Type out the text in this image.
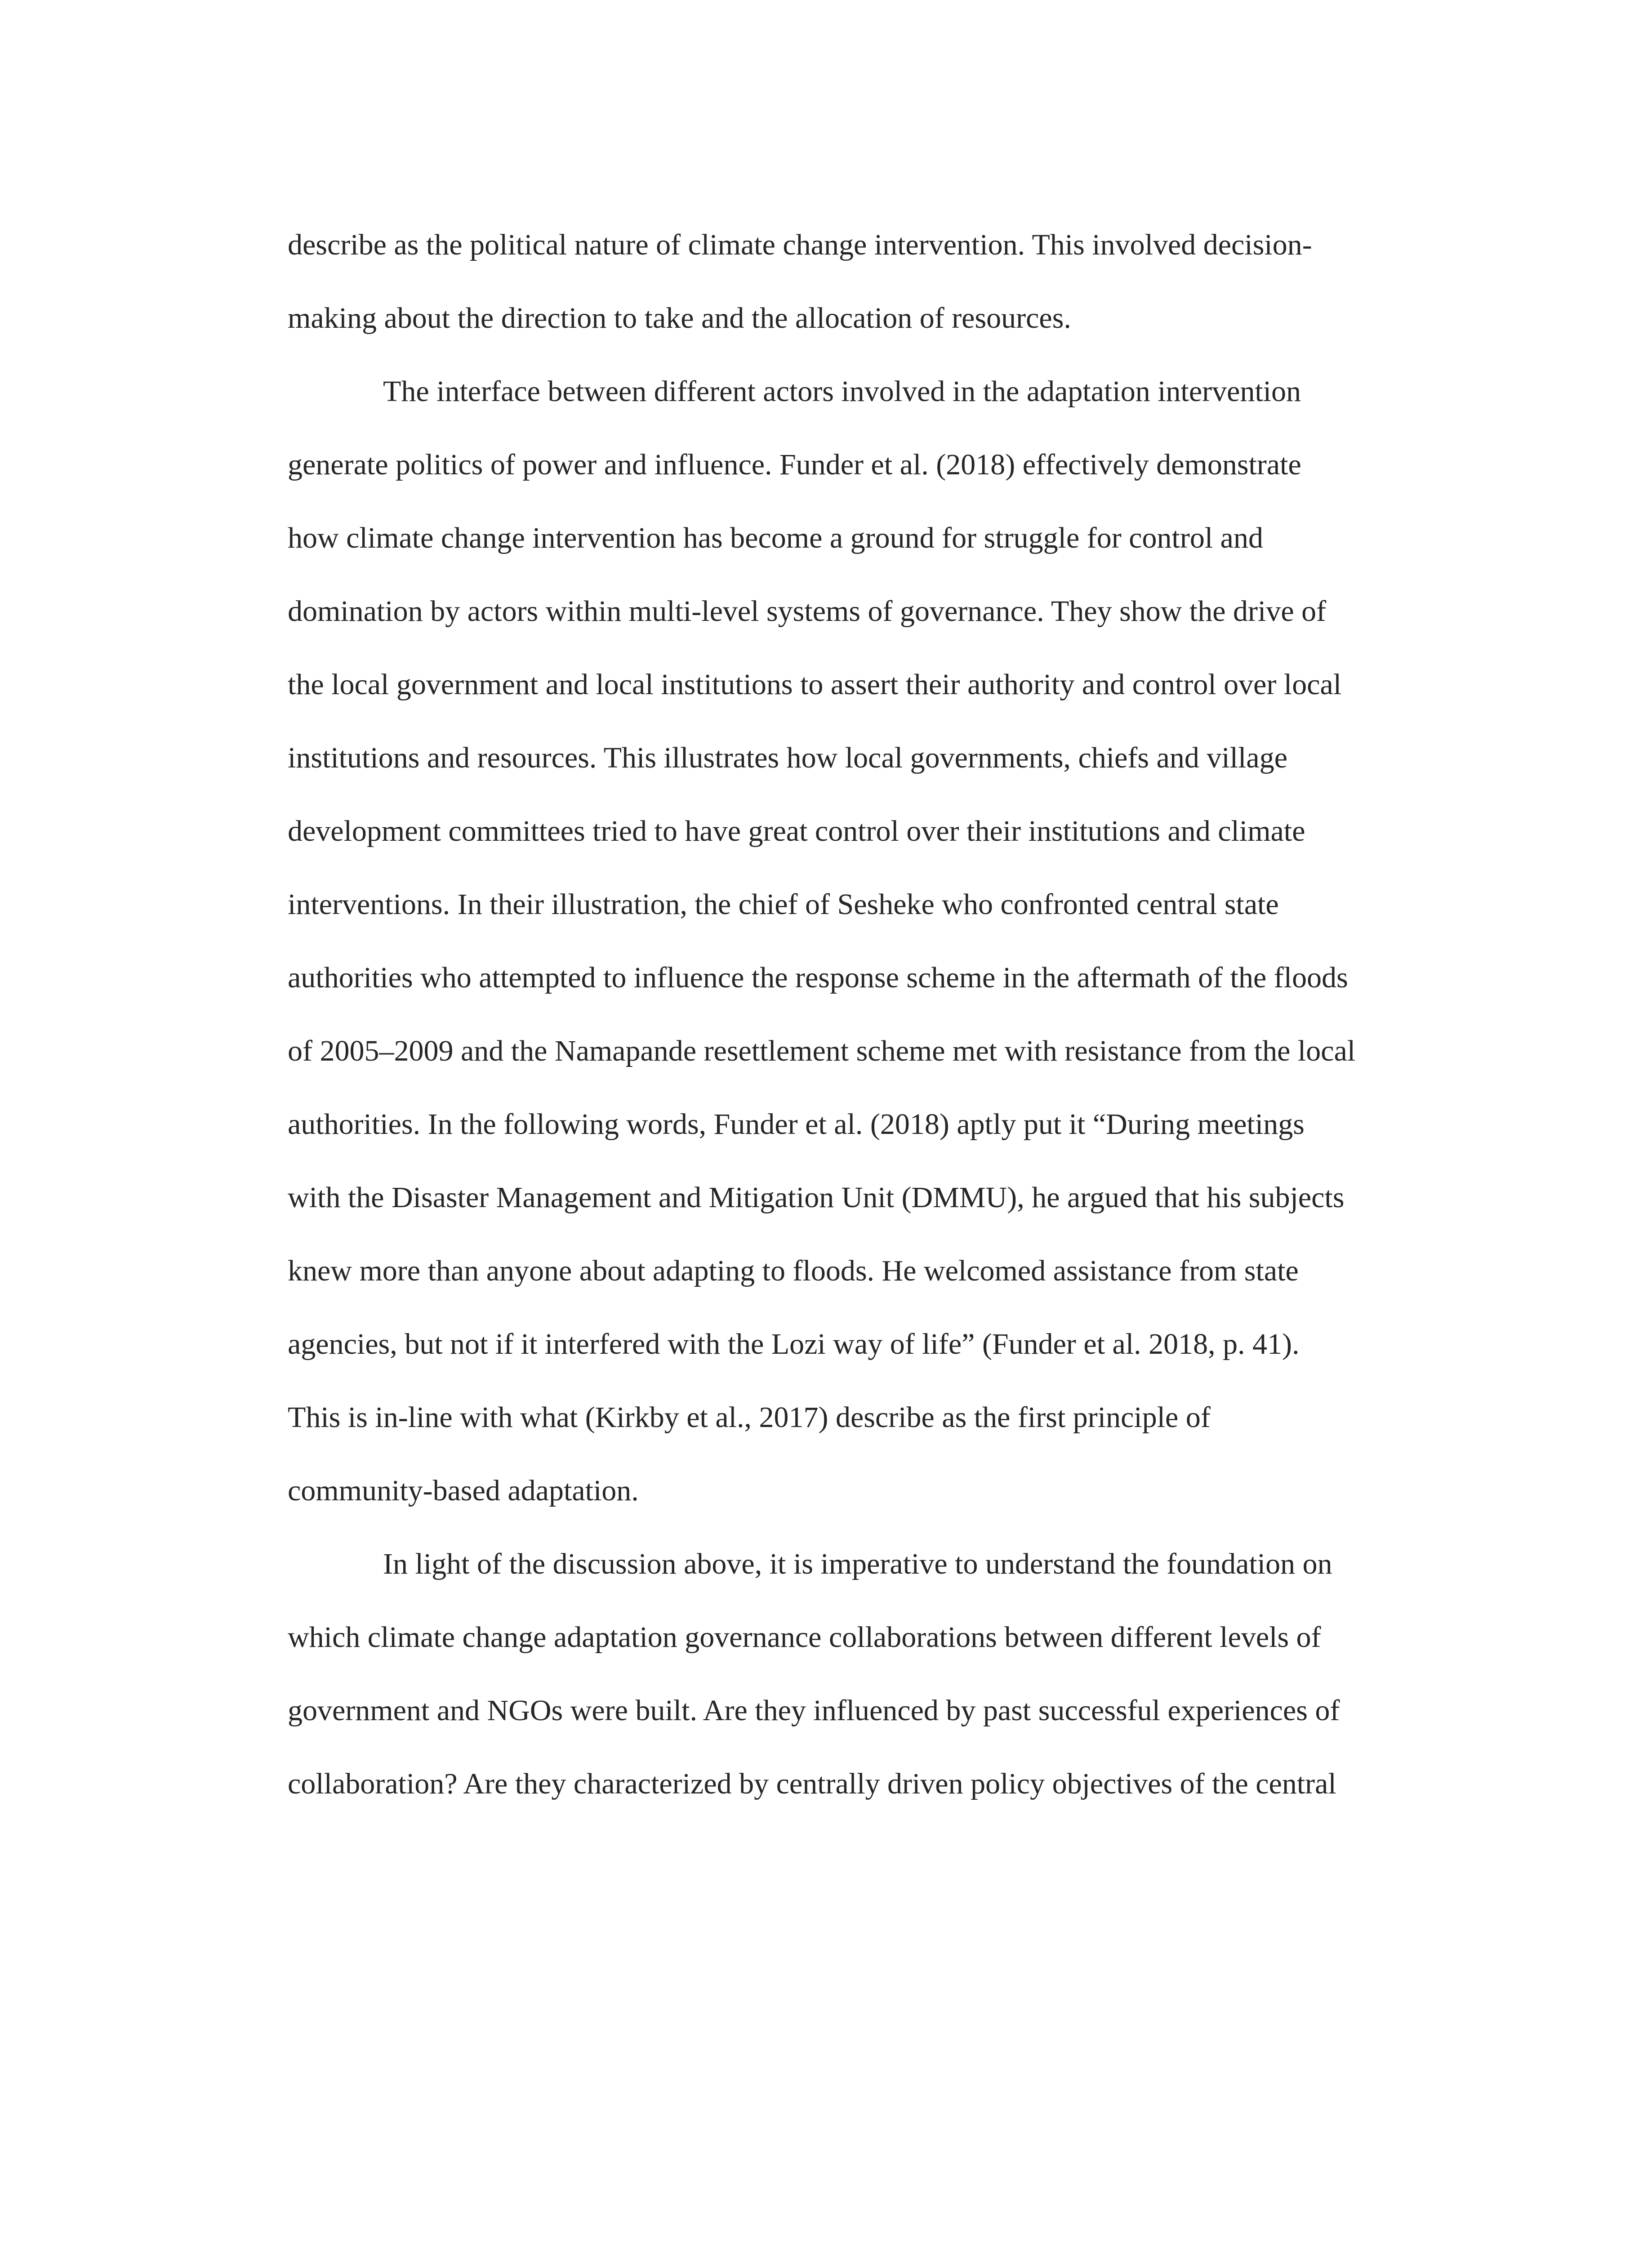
describe as the political nature of climate change intervention. This involved decision-
making about the direction to take and the allocation of resources.
The interface between different actors involved in the adaptation intervention
generate politics of power and influence. Funder et al. (2018) effectively demonstrate
how climate change intervention has become a ground for struggle for control and
domination by actors within multi-level systems of governance. They show the drive of
the local government and local institutions to assert their authority and control over local
institutions and resources. This illustrates how local governments, chiefs and village
development committees tried to have great control over their institutions and climate
interventions. In their illustration, the chief of Sesheke who confronted central state
authorities who attempted to influence the response scheme in the aftermath of the floods
of 2005–2009 and the Namapande resettlement scheme met with resistance from the local
authorities. In the following words, Funder et al. (2018) aptly put it “During meetings
with the Disaster Management and Mitigation Unit (DMMU), he argued that his subjects
knew more than anyone about adapting to floods. He welcomed assistance from state
agencies, but not if it interfered with the Lozi way of life” (Funder et al. 2018, p. 41).
This is in-line with what (Kirkby et al., 2017) describe as the first principle of
community-based adaptation.
In light of the discussion above, it is imperative to understand the foundation on
which climate change adaptation governance collaborations between different levels of
government and NGOs were built. Are they influenced by past successful experiences of
collaboration? Are they characterized by centrally driven policy objectives of the central
